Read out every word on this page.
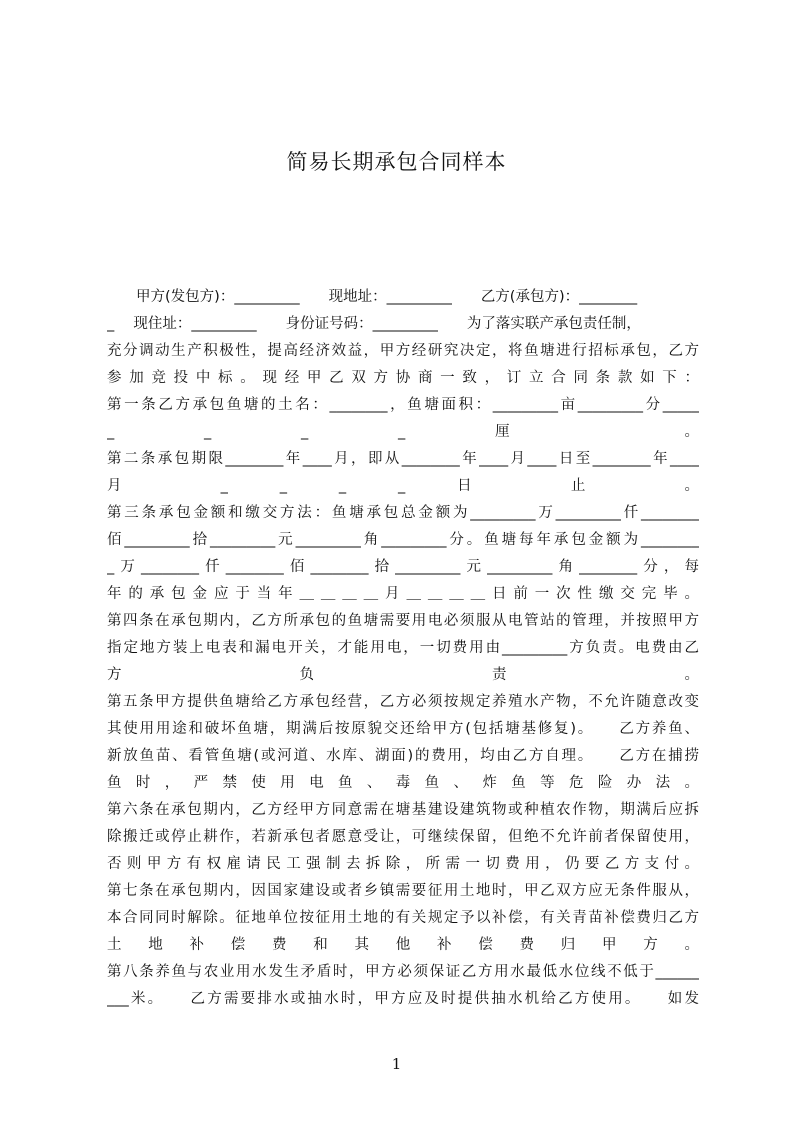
简易长期承包合同样本
　　甲方(发包方)：_________　　现地址：_________　　乙方(承包方)：________
_　 现住址：_________　　身份证号码：_________　　为了落实联产承包责任制，
充分调动生产积极性，提高经济效益，甲方经研究决定，将鱼塘进行招标承包，乙方
参加竞投中标。现经甲乙双方协商一致，订立合同条款如下：
第一条乙方承包鱼塘的土名：________，鱼塘面积：_________亩_________分_____
_ _ _ _ 厘 。
第二条承包期限________年____月，即从________年____月____日至________年____
月 _ _ _ _ 日 止 。
第三条承包金额和缴交方法：鱼塘承包总金额为_________万_________仟________
佰_________拾_________元_________角_________分。鱼塘每年承包金额为________
_万________仟________佰________拾_________元_________角________分，每
年的承包金应于当年＿＿＿＿月＿＿＿＿日前一次性缴交完毕。
第四条在承包期内，乙方所承包的鱼塘需要用电必须服从电管站的管理，并按照甲方
指定地方装上电表和漏电开关，才能用电，一切费用由_________方负责。电费由乙
方 负 责 。
第五条甲方提供鱼塘给乙方承包经营，乙方必须按规定养殖水产物，不允许随意改变
其使用用途和破坏鱼塘，期满后按原貌交还给甲方(包括塘基修复)。　　乙方养鱼、
新放鱼苗、看管鱼塘(或河道、水库、湖面)的费用，均由乙方自理。　　乙方在捕捞
鱼时，严禁使用电鱼、毒鱼、炸鱼等危险办法。
第六条在承包期内，乙方经甲方同意需在塘基建设建筑物或种植农作物，期满后应拆
除搬迁或停止耕作，若新承包者愿意受让，可继续保留，但绝不允许前者保留使用，
否则甲方有权雇请民工强制去拆除，所需一切费用，仍要乙方支付。
第七条在承包期内，因国家建设或者乡镇需要征用土地时，甲乙双方应无条件服从，
本合同同时解除。征地单位按征用土地的有关规定予以补偿，有关青苗补偿费归乙方
土 地 补 偿 费 和 其 他 补 偿 费 归 甲 方 。
第八条养鱼与农业用水发生矛盾时，甲方必须保证乙方用水最低水位线不低于______
___米。　　乙方需要排水或抽水时，甲方应及时提供抽水机给乙方使用。　　如发
1
